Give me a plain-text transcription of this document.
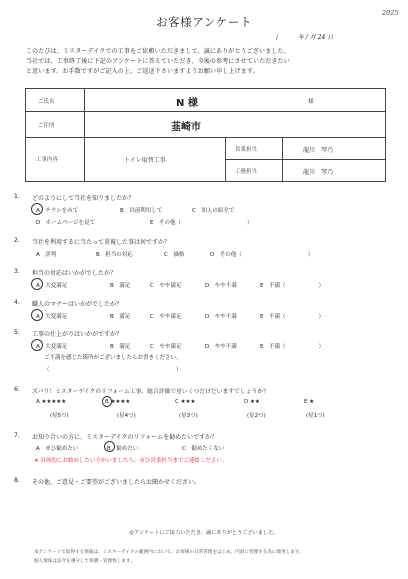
お客様アンケート
2025
/	年 / 月 24 日
このたびは、ミスターデイクでの工事をご依頼いただきまして、誠にありがとうございました。
当社では、工事終了後に下記のアンケートに答えていただき、今後の参考にさせていただきたい
と思います。お手数ですがご記入の上、ご返送下さいますようお願い申し上げます。
ご氏名	N 様	様
ご住所	韮崎市
工事内容	トイレ取替工事
営業担当	龍川　琴乃
工務担当	龍川　琴乃
1. どのようにして当社を知りましたか？
A　チラシをみて	B　以前利用して	C　知人の紹介で
D　ホームページを見て	E　その他（　　　　　　　　　　　　）
2. 当社を利用するに当たって重視した事は何ですか？
A　評判	B　担当の対応	C　価格	D　その他（　　　　　　　　　　　　）
3. 担当の対応はいかがでしたか？
A　大変満足	B　満足	C　やや満足	D　やや不満	E　不満（　　　　　　）
4. 職人のマナーはいかがでしたか？
A　大変満足	B　満足	C　やや満足	D　やや不満	E　不満（　　　　　　）
5. 工事の仕上がりはいかがですか？
A　大変満足	B　満足	C　やや満足	D　やや不満	E　不満（　　　　　　）
ご不満を感じた箇所がございましたらお書きください。
（　　　　　　　　　　　　　　　　　　　　　　　）
6. ズバリ！ミスターデイクのリフォーム工事、総合評価で星いくつだけだいますでしょうか？
A ★★★★★	B ★★★★	C ★★★	D ★★	E ★
(星5つ)	(星4つ)	(星3つ)	(星2つ)	(星1つ)
7. お知り合いの方に、ミスターデイクのリフォームを勧めたいですか？
A　ぜひ勧めたい	B　勧めたい	C　勧めたくない
※ 具体的にお勧めしたい方がいましたら、ぜひ営業担当までご連絡ください。
8. その他、ご意見・ご要望がございましたらお聞かせください。
◎アンケートにご協力いただき、誠にありがとうございました。
本アンケートで取得する情報は、ミスターデイクの範囲内において、お客様の日常管理をはじめ、円滑に管理する為に使用します。
個人情報は法令を遵守して保護・管理致します。
